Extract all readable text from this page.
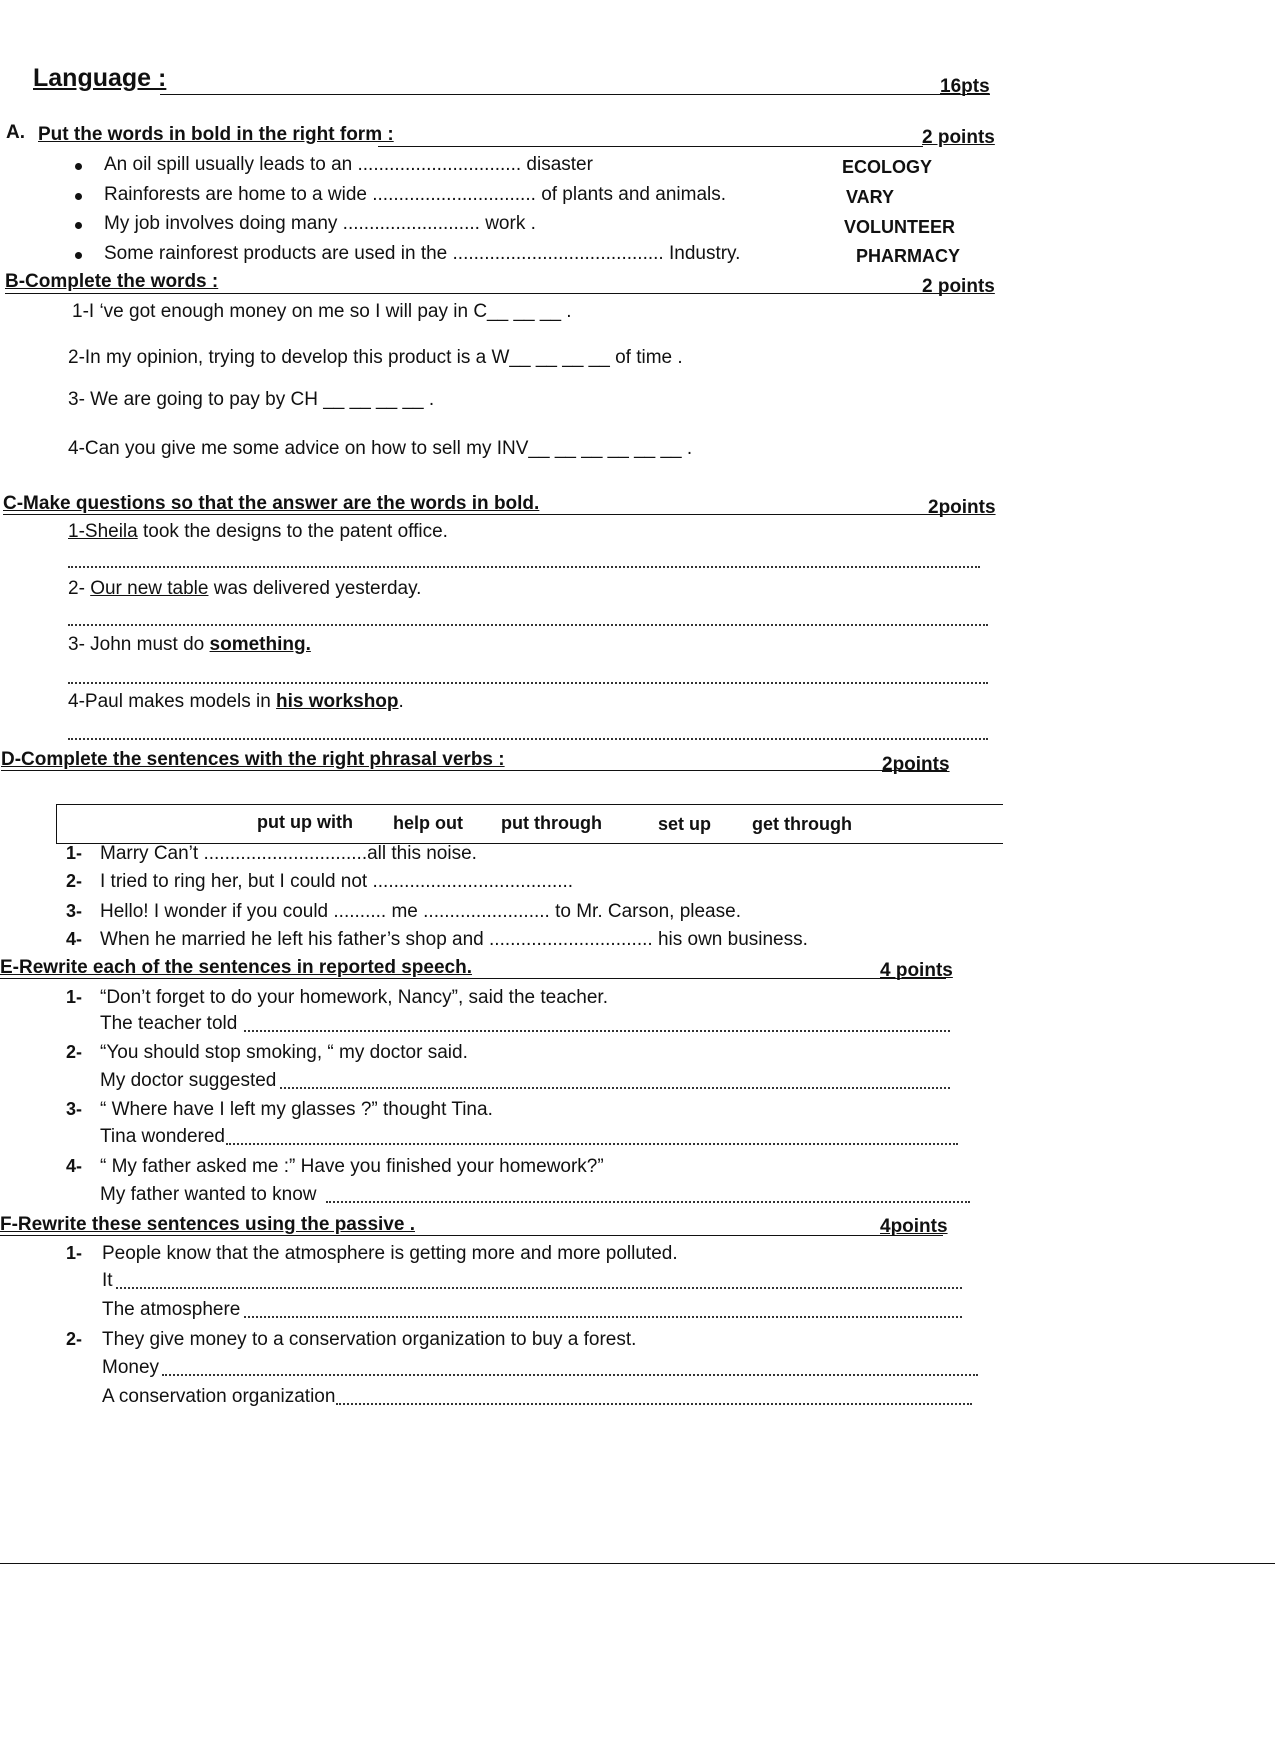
Language :	16pts
A. Put the words in bold in the right form :	2 points
An oil spill usually leads to an ............................... disaster	ECOLOGY
Rainforests are home to a wide ............................... of plants and animals.	VARY
My job involves doing many .......................... work .	VOLUNTEER
Some rainforest products are used in the ........................................ Industry.	PHARMACY
B-Complete the words :	2 points
1-I ‘ve got enough money on me so I will pay in C__ __ __ .
2-In my opinion, trying to develop this product is a W__ __ __ __ of time .
3- We are going to pay by CH __ __ __ __ .
4-Can you give me some advice on how to sell my INV__ __ __ __ __ __ .
C-Make questions so that the answer are the words in bold.	2points
1-Sheila took the designs to the patent office.
2- Our new table was delivered yesterday.
3- John must do something.
4-Paul makes models in his workshop.
D-Complete the sentences with the right phrasal verbs :	2points
put up with help out put through	set up get through
1- Marry Can’t ...............................all this noise.
2- I tried to ring her, but I could not ......................................
3- Hello! I wonder if you could .......... me ........................ to Mr. Carson, please.
4- When he married he left his father’s shop and ............................... his own business.
E-Rewrite each of the sentences in reported speech.	4 points
1- “Don’t forget to do your homework, Nancy”, said the teacher.
The teacher told
2- “You should stop smoking, “ my doctor said.
My doctor suggested
3- “ Where have I left my glasses ?” thought Tina.
Tina wondered
4- “ My father asked me :” Have you finished your homework?”
My father wanted to know
F-Rewrite these sentences using the passive .	4points
1- People know that the atmosphere is getting more and more polluted.
It
The atmosphere
2- They give money to a conservation organization to buy a forest.
Money
A conservation organization
